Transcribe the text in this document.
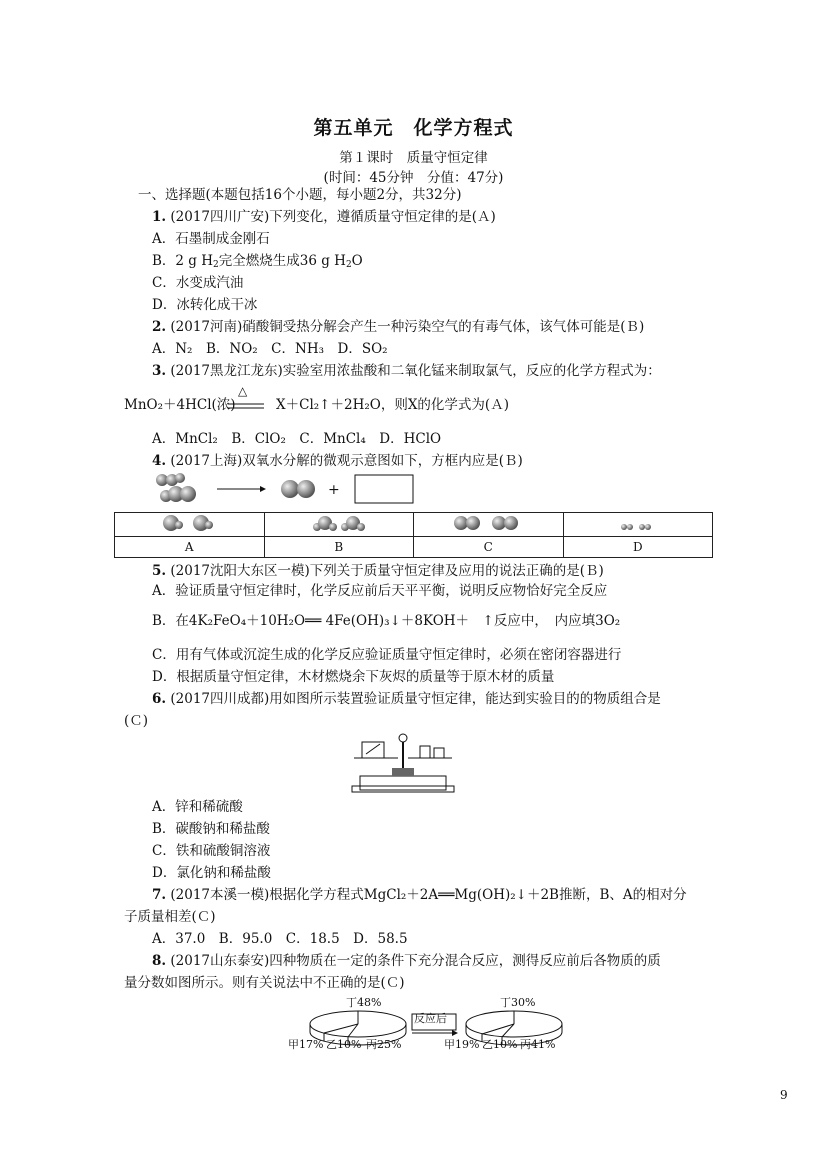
第五单元　化学方程式
第１课时　质量守恒定律
(时间：45分钟　分值：47分)
一、选择题(本题包括16个小题，每小题2分，共32分)
1. (2017四川广安)下列变化，遵循质量守恒定律的是(Ａ)
A．石墨制成金刚石
B．2 g $H_2$完全燃烧生成36 g $H_2O$
C．水变成汽油
D．冰转化成干冰
2. (2017河南)硝酸铜受热分解会产生一种污染空气的有毒气体，该气体可能是(Ｂ)
A．N₂　B．NO₂　C．NH₃　D．SO₂
3. (2017黑龙江龙东)实验室用浓盐酸和二氧化锰来制取氯气，反应的化学方程式为：
MnO₂＋4HCl(浓)
△
X＋Cl₂↑＋2H₂O，则X的化学式为(Ａ)
A．MnCl₂　B．ClO₂　C．MnCl₄　D．HClO
4. (2017上海)双氧水分解的微观示意图如下，方框内应是(Ｂ)
+

A	B	C	D
5. (2017沈阳大东区一模)下列关于质量守恒定律及应用的说法正确的是(Ｂ)
A．验证质量守恒定律时，化学反应前后天平平衡，说明反应物恰好完全反应
B．在4K₂FeO₄＋10H₂O══ 4Fe(OH)₃↓＋8KOH＋　↑反应中，　内应填3O₂
C．用有气体或沉淀生成的化学反应验证质量守恒定律时，必须在密闭容器进行
D．根据质量守恒定律，木材燃烧余下灰烬的质量等于原木材的质量
6. (2017四川成都)用如图所示装置验证质量守恒定律，能达到实验目的的物质组合是
(Ｃ)
A．锌和稀硫酸
B．碳酸钠和稀盐酸
C．铁和硫酸铜溶液
D．氯化钠和稀盐酸
7. (2017本溪一模)根据化学方程式MgCl₂＋2A══Mg(OH)₂↓＋2B推断，B、A的相对分
子质量相差(Ｃ)
A．37.0　B．95.0　C．18.5　D．58.5
8. (2017山东泰安)四种物质在一定的条件下充分混合反应，测得反应前后各物质的质
量分数如图所示。则有关说法中不正确的是(Ｃ)
丁48%
甲17% 乙10% 丙25%
反应后
丁30%
甲19% 乙10% 丙41%
9
